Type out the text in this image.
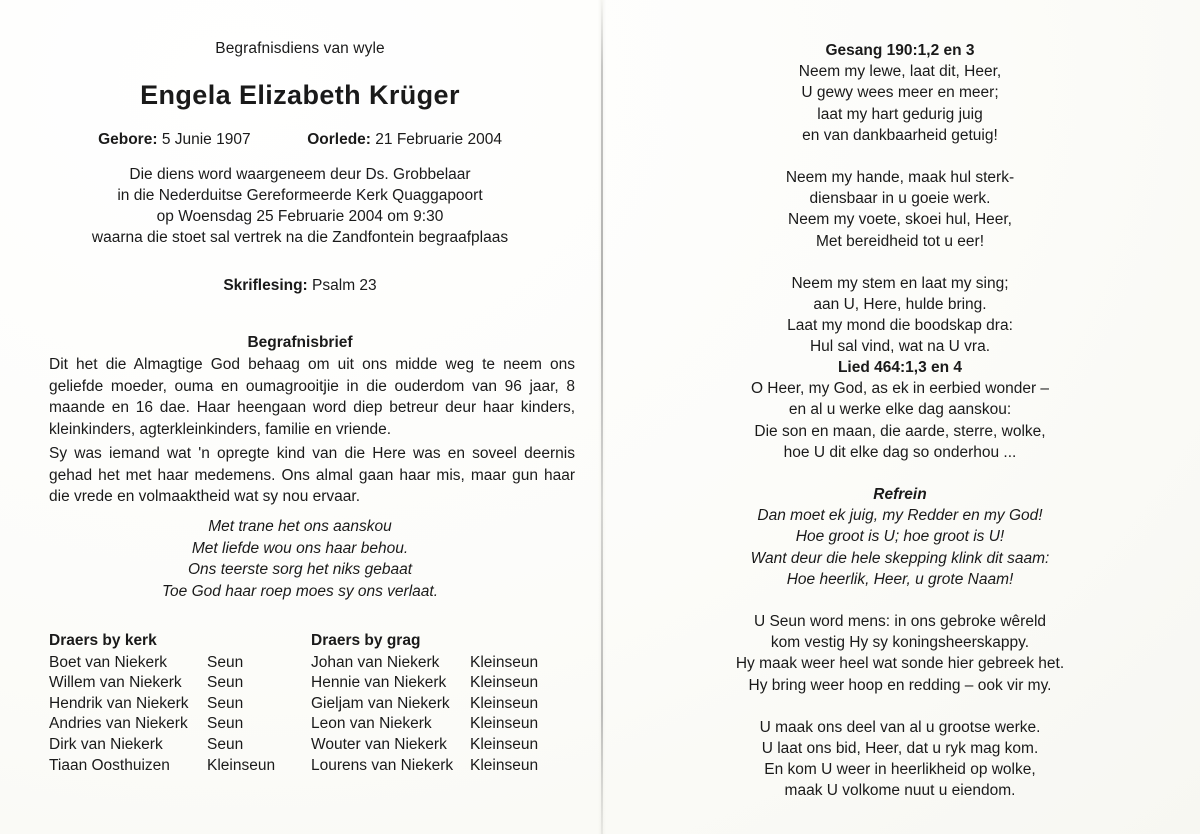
Begrafnisdiens van wyle
Engela Elizabeth Krüger
Gebore: 5 Junie 1907	Oorlede: 21 Februarie 2004
Die diens word waargeneem deur Ds. Grobbelaar
in die Nederduitse Gereformeerde Kerk Quaggapoort
op Woensdag 25 Februarie 2004 om 9:30
waarna die stoet sal vertrek na die Zandfontein begraafplaas
Skriflesing: Psalm 23
Begrafnisbrief
Dit het die Almagtige God behaag om uit ons midde weg te neem ons geliefde moeder, ouma en oumagrooitjie in die ouderdom van 96 jaar, 8 maande en 16 dae. Haar heengaan word diep betreur deur haar kinders, kleinkinders, agterkleinkinders, familie en vriende.
Sy was iemand wat 'n opregte kind van die Here was en soveel deernis gehad het met haar medemens. Ons almal gaan haar mis, maar gun haar die vrede en volmaaktheid wat sy nou ervaar.
Met trane het ons aanskou
Met liefde wou ons haar behou.
Ons teerste sorg het niks gebaat
Toe God haar roep moes sy ons verlaat.
Draers by kerk
Boet van Niekerk	Seun
Willem van Niekerk	Seun
Hendrik van Niekerk	Seun
Andries van Niekerk	Seun
Dirk van Niekerk	Seun
Tiaan Oosthuizen	Kleinseun
Draers by grag
Johan van Niekerk	Kleinseun
Hennie van Niekerk	Kleinseun
Gieljam van Niekerk	Kleinseun
Leon van Niekerk	Kleinseun
Wouter van Niekerk	Kleinseun
Lourens van Niekerk	Kleinseun
Gesang 190:1,2 en 3
Neem my lewe, laat dit, Heer,
U gewy wees meer en meer;
laat my hart gedurig juig
en van dankbaarheid getuig!
Neem my hande, maak hul sterk-
diensbaar in u goeie werk.
Neem my voete, skoei hul, Heer,
Met bereidheid tot u eer!
Neem my stem en laat my sing;
aan U, Here, hulde bring.
Laat my mond die boodskap dra:
Hul sal vind, wat na U vra.
Lied 464:1,3 en 4
O Heer, my God, as ek in eerbied wonder –
en al u werke elke dag aanskou:
Die son en maan, die aarde, sterre, wolke,
hoe U dit elke dag so onderhou ...
Refrein
Dan moet ek juig, my Redder en my God!
Hoe groot is U; hoe groot is U!
Want deur die hele skepping klink dit saam:
Hoe heerlik, Heer, u grote Naam!
U Seun word mens: in ons gebroke wêreld
kom vestig Hy sy koningsheerskappy.
Hy maak weer heel wat sonde hier gebreek het.
Hy bring weer hoop en redding – ook vir my.
U maak ons deel van al u grootse werke.
U laat ons bid, Heer, dat u ryk mag kom.
En kom U weer in heerlikheid op wolke,
maak U volkome nuut u eiendom.
